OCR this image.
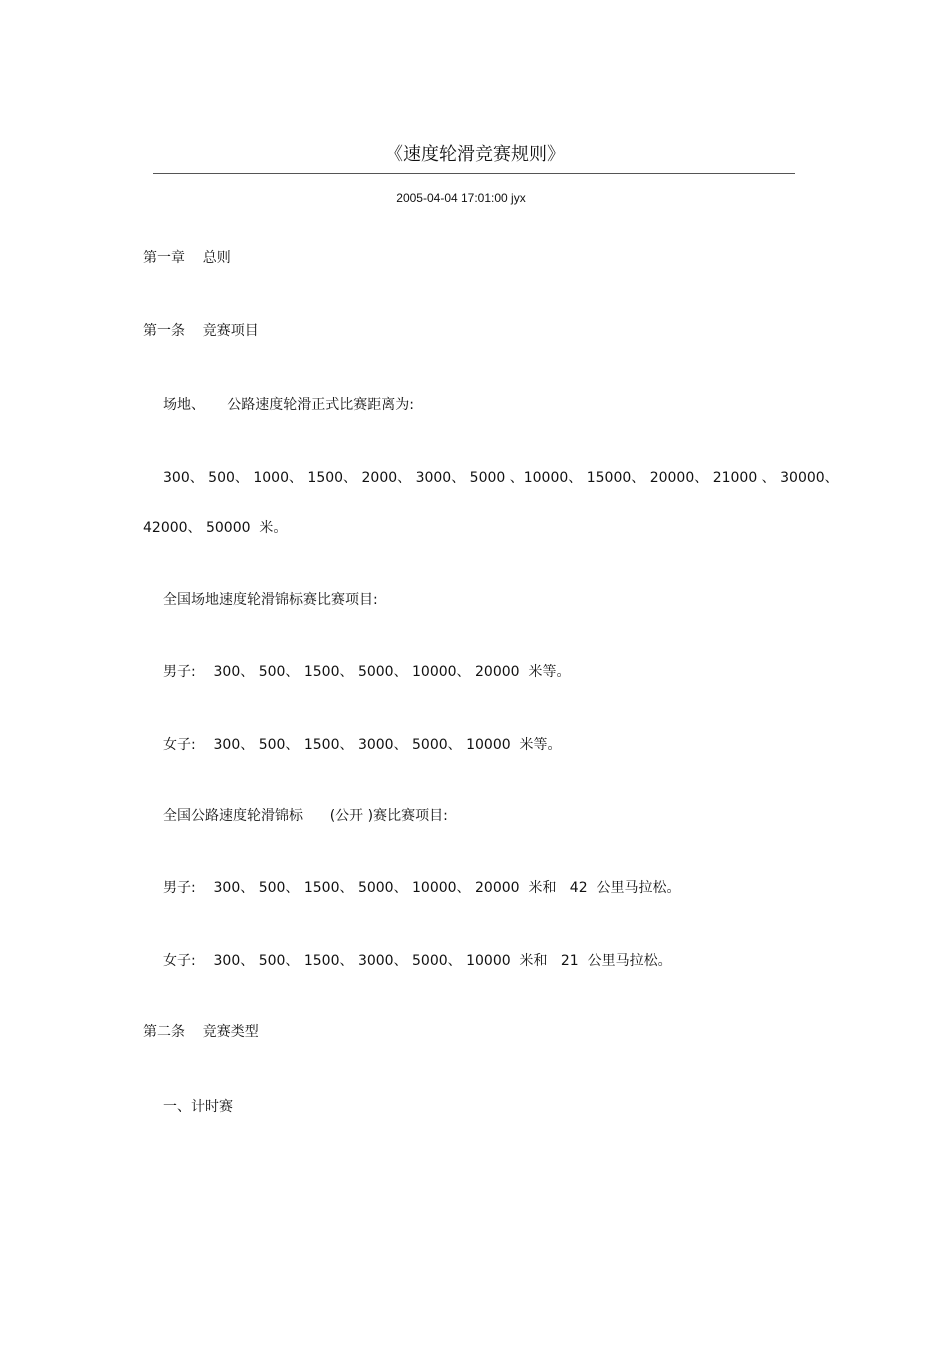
《速度轮滑竞赛规则》
2005-04-04 17:01:00 jyx
第一章    总则
第一条    竞赛项目
场地、     公路速度轮滑正式比赛距离为:
300、 500、 1000、 1500、 2000、 3000、 5000 、10000、 15000、 20000、 21000 、 30000、
42000、 50000  米。
全国场地速度轮滑锦标赛比赛项目:
男子:    300、 500、 1500、 5000、 10000、 20000  米等。
女子:    300、 500、 1500、 3000、 5000、 10000  米等。
全国公路速度轮滑锦标      (公开 )赛比赛项目:
男子:    300、 500、 1500、 5000、 10000、 20000  米和   42  公里马拉松。
女子:    300、 500、 1500、 3000、 5000、 10000  米和   21  公里马拉松。
第二条    竞赛类型
一、计时赛
